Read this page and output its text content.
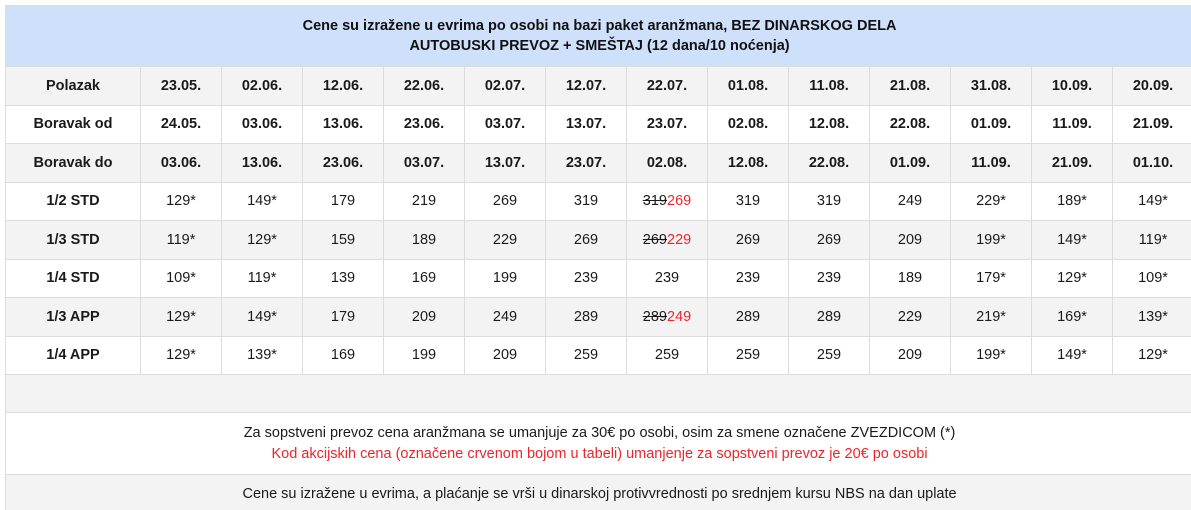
Cene su izražene u evrima po osobi na bazi paket aranžmana, BEZ DINARSKOG DELA
AUTOBUSKI PREVOZ + SMEŠTAJ (12 dana/10 noćenja)													

Polazak	23.05.	02.06.	12.06.	22.06.	02.07.	12.07.	22.07.	01.08.	11.08.	21.08.	31.08.	10.09.	20.09.
Boravak od	24.05.	03.06.	13.06.	23.06.	03.07.	13.07.	23.07.	02.08.	12.08.	22.08.	01.09.	11.09.	21.09.
Boravak do	03.06.	13.06.	23.06.	03.07.	13.07.	23.07.	02.08.	12.08.	22.08.	01.09.	11.09.	21.09.	01.10.
1/2 STD	129*	149*	179	219	269	319	319269	319	319	249	229*	189*	149*
1/3 STD	119*	129*	159	189	229	269	269229	269	269	209	199*	149*	119*
1/4 STD	109*	119*	139	169	199	239	239	239	239	189	179*	129*	109*
1/3 APP	129*	149*	179	209	249	289	289249	289	289	229	219*	169*	139*
1/4 APP	129*	139*	169	199	209	259	259	259	259	209	199*	149*	129*

Za sopstveni prevoz cena aranžmana se umanjuje za 30€ po osobi, osim za smene označene ZVEZDICOM (*)
Kod akcijskih cena (označene crvenom bojom u tabeli) umanjenje za sopstveni prevoz je 20€ po osobi													

Cene su izražene u evrima, a plaćanje se vrši u dinarskoj protivvrednosti po srednjem kursu NBS na dan uplate													
